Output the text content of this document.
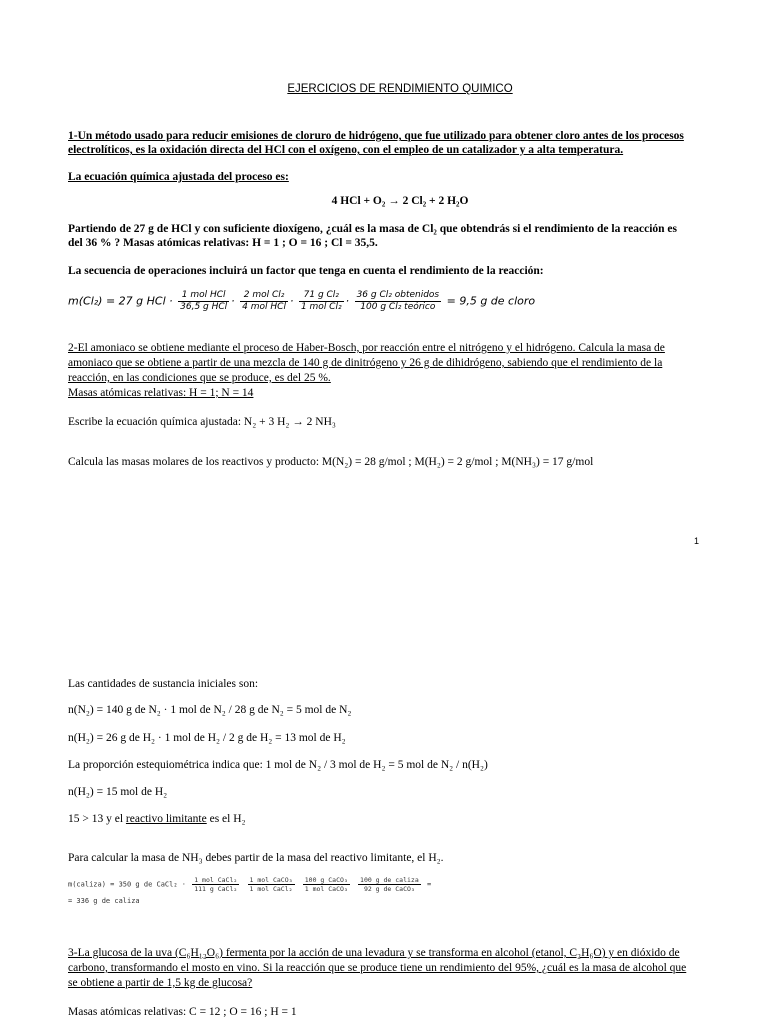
EJERCICIOS DE RENDIMIENTO QUIMICO
1-Un método usado para reducir emisiones de cloruro de hidrógeno, que fue utilizado para obtener cloro antes de los procesos
electrolíticos, es la oxidación directa del HCl con el oxígeno, con el empleo de un catalizador y a alta temperatura.
La ecuación química ajustada del proceso es:
4 HCl + O₂ → 2 Cl₂ + 2 H₂O
Partiendo de 27 g de HCl y con suficiente dioxígeno, ¿cuál es la masa de Cl₂ que obtendrás si el rendimiento de la reacción es
del 36 % ? Masas atómicas relativas: H = 1 ; O = 16 ; Cl = 35,5.
La secuencia de operaciones incluirá un factor que tenga en cuenta el rendimiento de la reacción:
m(Cl₂) = 27 g HCl · $\frac{\text{1 mol HCl}}{\text{36,5 g HCl}} \cdot \frac{\text{2 mol Cl₂}}{\text{4 mol HCl}} \cdot \frac{\text{71 g Cl₂}}{\text{1 mol Cl₂}} \cdot \frac{\text{36 g Cl₂ obtenidos}}{\text{100 g Cl₂ teórico}} = 9,5$ g de cloro
2-El amoniaco se obtiene mediante el proceso de Haber-Bosch, por reacción entre el nitrógeno y el hidrógeno. Calcula la masa de
amoniaco que se obtiene a partir de una mezcla de 140 g de dinitrógeno y 26 g de dihidrógeno, sabiendo que el rendimiento de la
reacción, en las condiciones que se produce, es del 25 %.
Masas atómicas relativas: H = 1; N = 14
Escribe la ecuación química ajustada: N₂ + 3 H₂ → 2 NH₃
Calcula las masas molares de los reactivos y producto: M(N₂) = 28 g/mol ; M(H₂) = 2 g/mol ; M(NH₃) = 17 g/mol
1
Las cantidades de sustancia iniciales son:
n(N₂) = 140 g de N₂ · 1 mol de N₂ / 28 g de N₂ = 5 mol de N₂
n(H₂) = 26 g de H₂ · 1 mol de H₂ / 2 g de H₂ = 13 mol de H₂
La proporción estequiométrica indica que: 1 mol de N₂ / 3 mol de H₂ = 5 mol de N₂ / n(H₂)
n(H₂) = 15 mol de H₂
15 > 13 y el reactivo limitante es el H₂
Para calcular la masa de NH₃ debes partir de la masa del reactivo limitante, el H₂.
m(caliza) = 350 g de CaCl₂ · $\frac{\text{1 mol CaCl₂}}{\text{111 g CaCl₂}}$
$\frac{\text{1 mol CaCO₃}}{\text{1 mol CaCl₂}}$
$\frac{\text{100 g CaCO₃}}{\text{1 mol CaCO₃}}$
$\frac{\text{100 g de caliza}}{\text{92 g de CaCO₃}}$ =
= 336 g de caliza
3-La glucosa de la uva (C₆H₁₂O₆) fermenta por la acción de una levadura y se transforma en alcohol (etanol, C₂H₆O) y en dióxido de
carbono, transformando el mosto en vino. Si la reacción que se produce tiene un rendimiento del 95%, ¿cuál es la masa de alcohol que
se obtiene a partir de 1,5 kg de glucosa?
Masas atómicas relativas: C = 12 ; O = 16 ; H = 1
